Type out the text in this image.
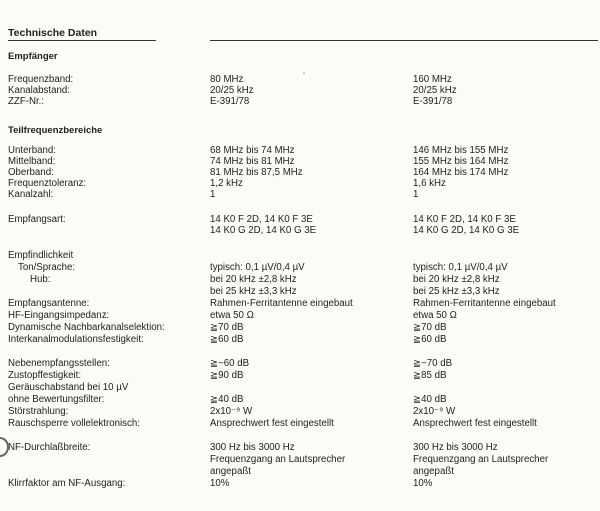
Technische Daten
Empfänger
Teilfrequenzbereiche
Frequenzband:	80 MHz	160 MHz
Kanalabstand:	20/25 kHz	20/25 kHz
ZZF-Nr.:	E-391/78	E-391/78
Unterband:	68 MHz bis 74 MHz	146 MHz bis 155 MHz
Mittelband:	74 MHz bis 81 MHz	155 MHz bis 164 MHz
Oberband:	81 MHz bis 87,5 MHz	164 MHz bis 174 MHz
Frequenztoleranz:	1,2 kHz	1,6 kHz
Kanalzahl:	1	1
Empfangsart:	14 K0 F 2D, 14 K0 F 3E	14 K0 F 2D, 14 K0 F 3E
14 K0 G 2D, 14 K0 G 3E	14 K0 G 2D, 14 K0 G 3E
Empfindlichkeit
Ton/Sprache:	typisch: 0,1 µV/0,4 µV	typisch: 0,1 µV/0,4 µV
Hub:	bei 20 kHz ±2,8 kHz	bei 20 kHz ±2,8 kHz
bei 25 kHz ±3,3 kHz	bei 25 kHz ±3,3 kHz
Empfangsantenne:	Rahmen-Ferritantenne eingebaut	Rahmen-Ferritantenne eingebaut
HF-Eingangsimpedanz:	etwa 50 Ω	etwa 50 Ω
Dynamische Nachbarkanalselektion:	≧70 dB	≧70 dB
Interkanalmodulationsfestigkeit:	≧60 dB	≧60 dB
Nebenempfangsstellen:	≧−60 dB	≧−70 dB
Zustopffestigkeit:	≧90 dB	≧85 dB
Geräuschabstand bei 10 µV
ohne Bewertungsfilter:	≧40 dB	≧40 dB
Störstrahlung:	2x10⁻⁹ W	2x10⁻⁹ W
Rauschsperre vollelektronisch:	Ansprechwert fest eingestellt	Ansprechwert fest eingestellt
NF-Durchlaßbreite:	300 Hz bis 3000 Hz	300 Hz bis 3000 Hz
Frequenzgang an Lautsprecher	Frequenzgang an Lautsprecher
angepaßt	angepaßt
Klirrfaktor am NF-Ausgang:	10%	10%
